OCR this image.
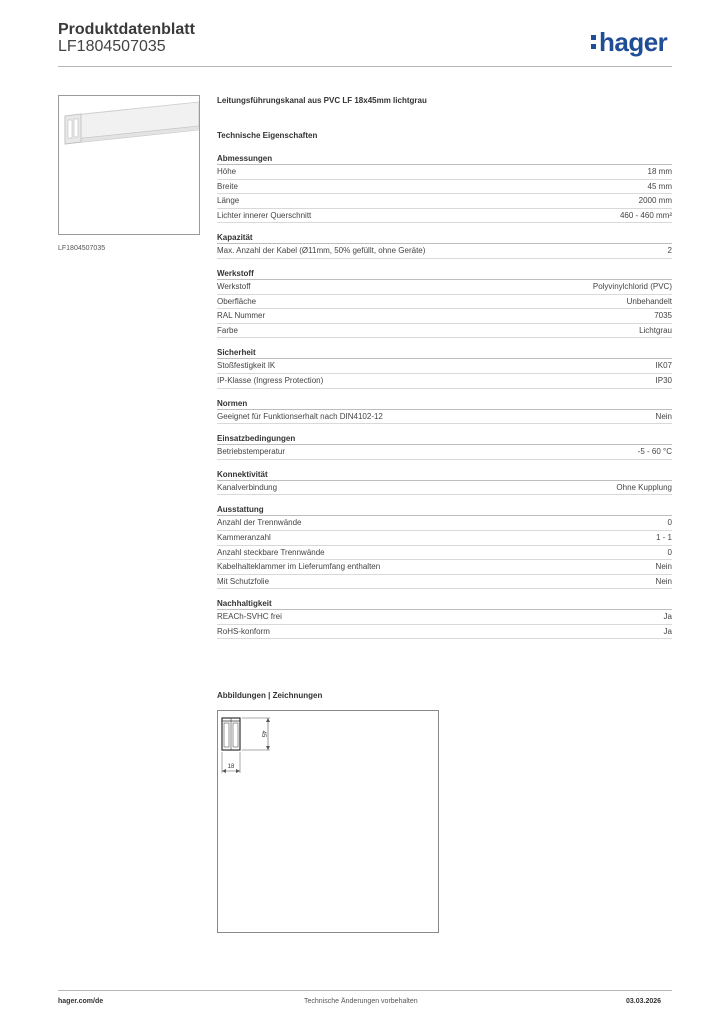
Produktdatenblatt
LF1804507035	hager
LF1804507035
Leitungsführungskanal aus PVC LF 18x45mm lichtgrau
Technische Eigenschaften
Abmessungen
Höhe	18 mm
Breite	45 mm
Länge	2000 mm
Lichter innerer Querschnitt	460 - 460 mm²
Kapazität
Max. Anzahl der Kabel (Ø11mm, 50% gefüllt, ohne Geräte)	2
Werkstoff
Werkstoff	Polyvinylchlorid (PVC)
Oberfläche	Unbehandelt
RAL Nummer	7035
Farbe	Lichtgrau
Sicherheit
Stoßfestigkeit IK	IK07
IP-Klasse (Ingress Protection)	IP30
Normen
Geeignet für Funktionserhalt nach DIN4102-12	Nein
Einsatzbedingungen
Betriebstemperatur	-5 - 60 °C
Konnektivität
Kanalverbindung	Ohne Kupplung
Ausstattung
Anzahl der Trennwände	0
Kammeranzahl	1 - 1
Anzahl steckbare Trennwände	0
Kabelhalteklammer im Lieferumfang enthalten	Nein
Mit Schutzfolie	Nein
Nachhaltigkeit
REACh-SVHC frei	Ja
RoHS-konform	Ja
Abbildungen | Zeichnungen
45
18
hager.com/de	Technische Änderungen vorbehalten	03.03.2026
